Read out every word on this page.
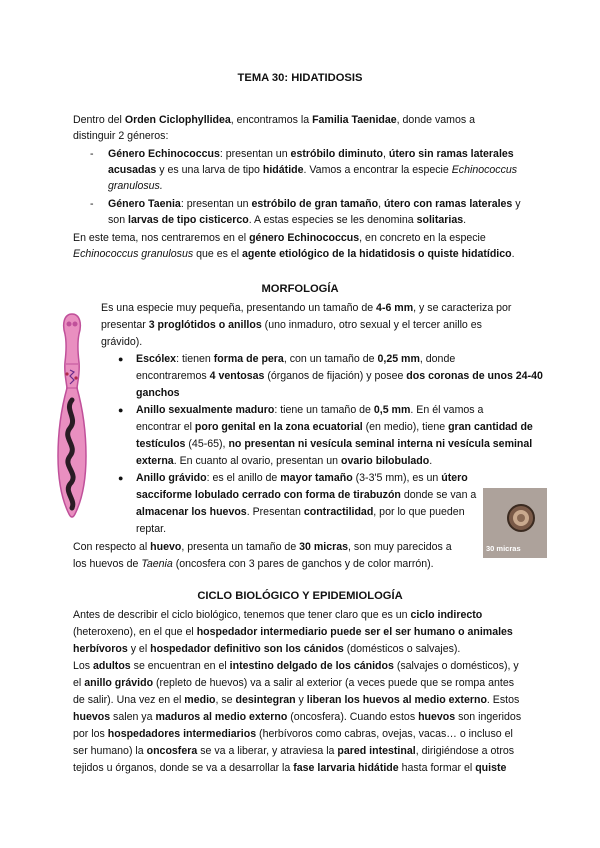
TEMA 30: HIDATIDOSIS
Dentro del Orden Ciclophyllidea, encontramos la Familia Taenidae, donde vamos a
distinguir 2 géneros:
- Género Echinococcus: presentan un estróbilo diminuto, útero sin ramas laterales
acusadas y es una larva de tipo hidátide. Vamos a encontrar la especie Echinococcus
granulosus.
- Género Taenia: presentan un estróbilo de gran tamaño, útero con ramas laterales y
son larvas de tipo cisticerco. A estas especies se les denomina solitarias.
En este tema, nos centraremos en el género Echinococcus, en concreto en la especie
Echinococcus granulosus que es el agente etiológico de la hidatidosis o quiste hidatídico.
MORFOLOGÍA
Es una especie muy pequeña, presentando un tamaño de 4-6 mm, y se caracteriza por
presentar 3 proglótidos o anillos (uno inmaduro, otro sexual y el tercer anillo es
grávido).
● Escólex: tienen forma de pera, con un tamaño de 0,25 mm, donde
encontraremos 4 ventosas (órganos de fijación) y posee dos coronas de unos 24-40
ganchos
● Anillo sexualmente maduro: tiene un tamaño de 0,5 mm. En él vamos a
encontrar el poro genital en la zona ecuatorial (en medio), tiene gran cantidad de
testículos (45-65), no presentan ni vesícula seminal interna ni vesícula seminal
externa. En cuanto al ovario, presentan un ovario bilobulado.
● Anillo grávido: es el anillo de mayor tamaño (3-3'5 mm), es un útero
sacciforme lobulado cerrado con forma de tirabuzón donde se van a
almacenar los huevos. Presentan contractilidad, por lo que pueden
reptar.
30 micras
Con respecto al huevo, presenta un tamaño de 30 micras, son muy parecidos a
los huevos de Taenia (oncosfera con 3 pares de ganchos y de color marrón).
CICLO BIOLÓGICO Y EPIDEMIOLOGÍA
Antes de describir el ciclo biológico, tenemos que tener claro que es un ciclo indirecto
(heteroxeno), en el que el hospedador intermediario puede ser el ser humano o animales
herbívoros y el hospedador definitivo son los cánidos (domésticos o salvajes).
Los adultos se encuentran en el intestino delgado de los cánidos (salvajes o domésticos), y
el anillo grávido (repleto de huevos) va a salir al exterior (a veces puede que se rompa antes
de salir). Una vez en el medio, se desintegran y liberan los huevos al medio externo. Estos
huevos salen ya maduros al medio externo (oncosfera). Cuando estos huevos son ingeridos
por los hospedadores intermediarios (herbívoros como cabras, ovejas, vacas… o incluso el
ser humano) la oncosfera se va a liberar, y atraviesa la pared intestinal, dirigiéndose a otros
tejidos u órganos, donde se va a desarrollar la fase larvaria hidátide hasta formar el quiste
